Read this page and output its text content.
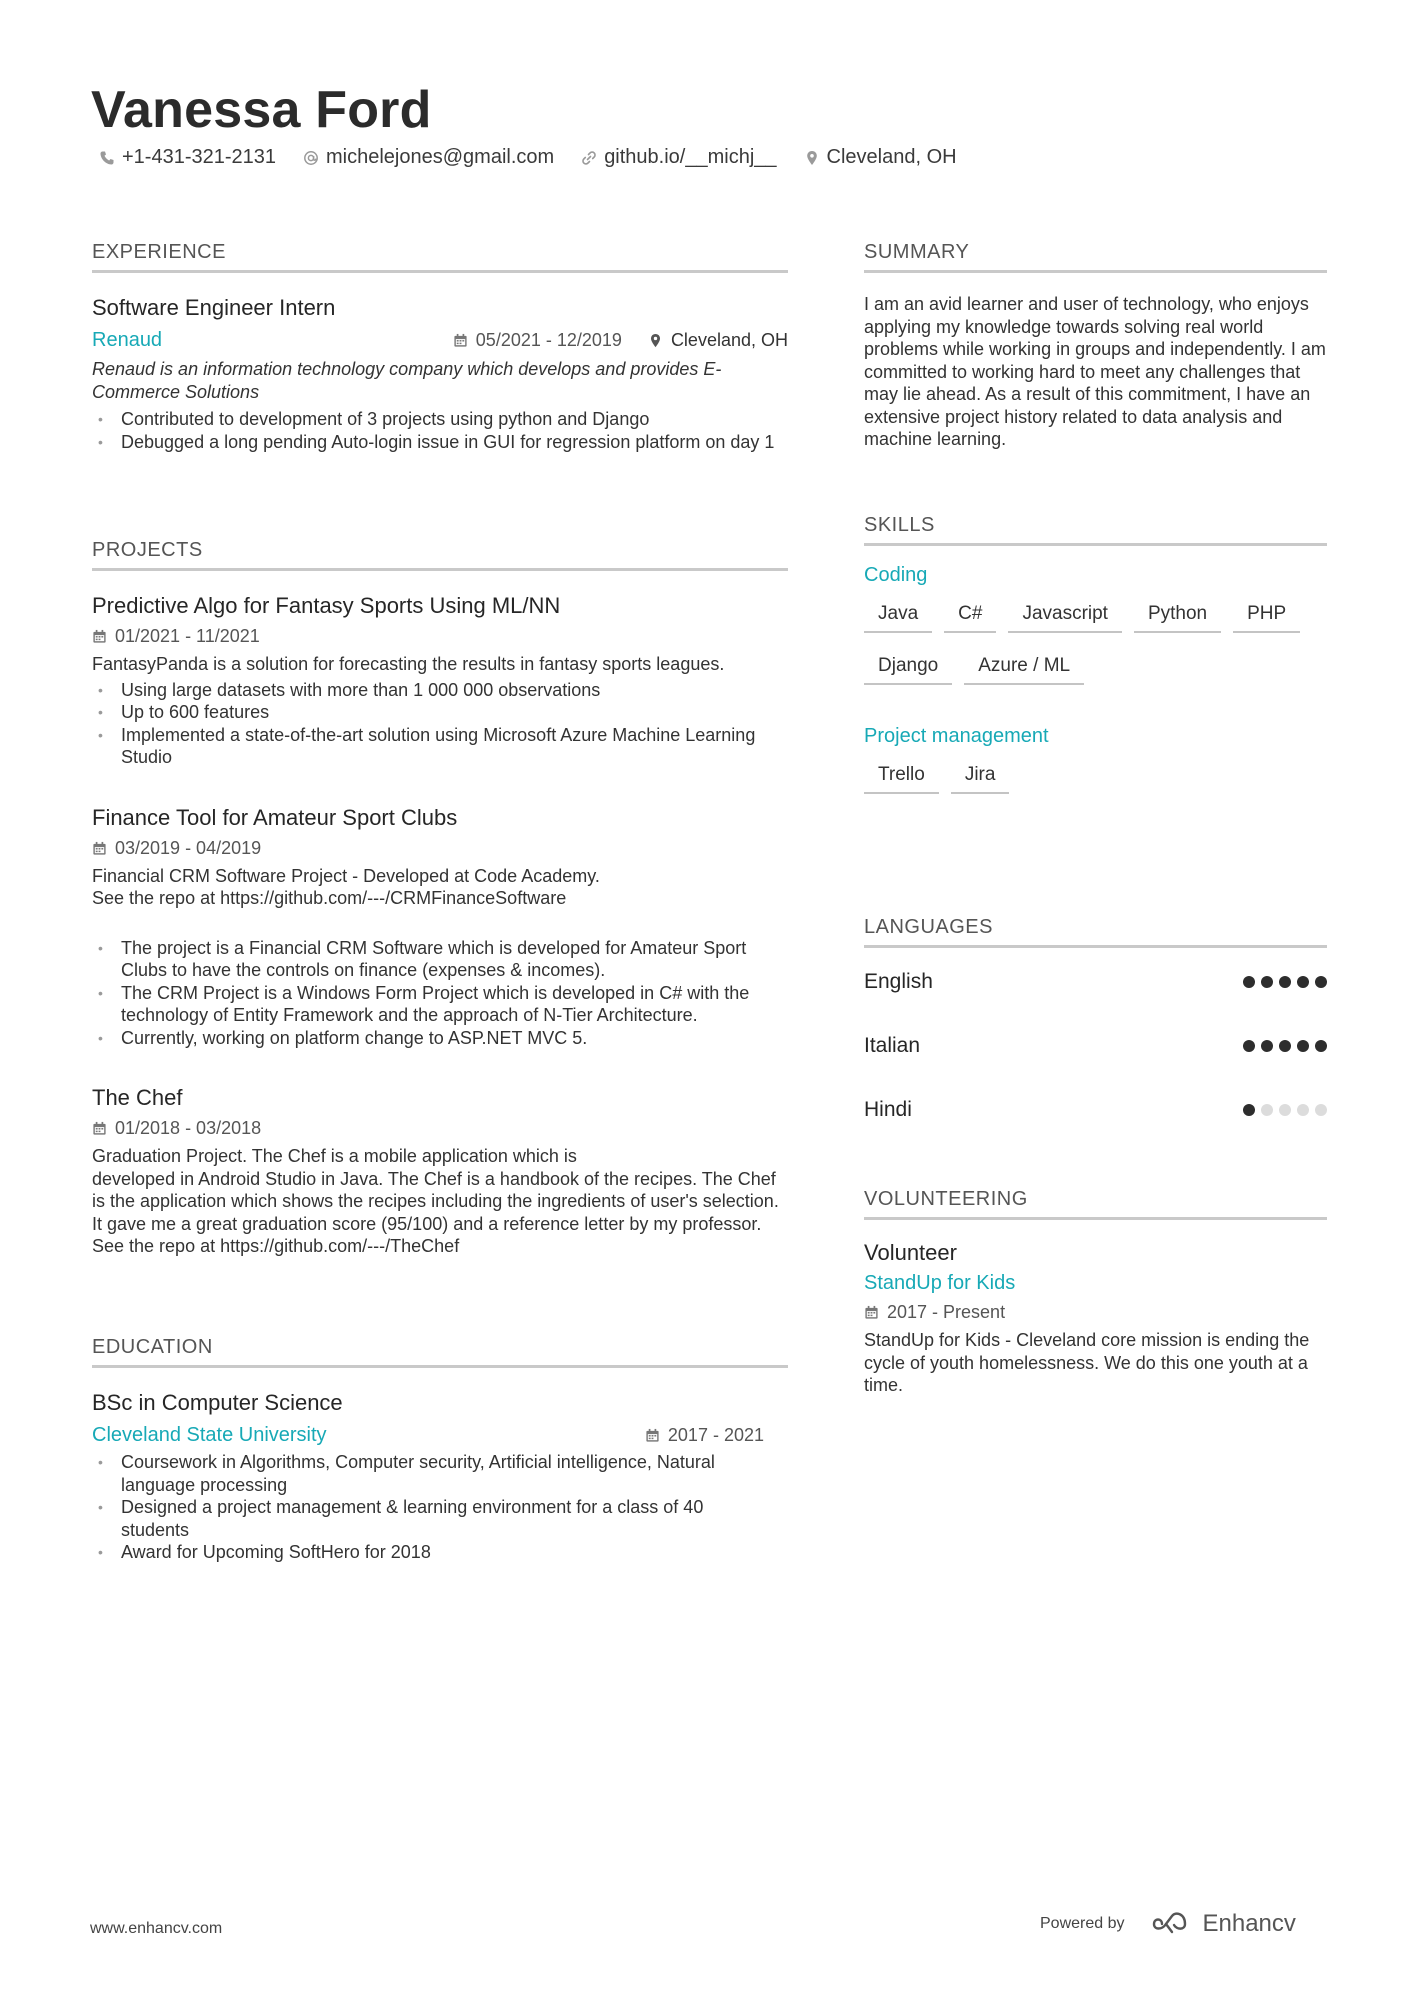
Vanessa Ford
+1-431-321-2131	michelejones@gmail.com	github.io/__michj__	Cleveland, OH
EXPERIENCE
Software Engineer Intern
Renaud	05/2021 - 12/2019	Cleveland, OH
Renaud is an information technology company which develops and provides E-Commerce Solutions
• Contributed to development of 3 projects using python and Django
• Debugged a long pending Auto-login issue in GUI for regression platform on day 1
PROJECTS
Predictive Algo for Fantasy Sports Using ML/NN
01/2021 - 11/2021
FantasyPanda is a solution for forecasting the results in fantasy sports leagues.
• Using large datasets with more than 1 000 000 observations
• Up to 600 features
• Implemented a state-of-the-art solution using Microsoft Azure Machine Learning Studio
Finance Tool for Amateur Sport Clubs
03/2019 - 04/2019
Financial CRM Software Project - Developed at Code Academy.
See the repo at https://github.com/---/CRMFinanceSoftware
• The project is a Financial CRM Software which is developed for Amateur Sport Clubs to have the controls on finance (expenses & incomes).
• The CRM Project is a Windows Form Project which is developed in C# with the technology of Entity Framework and the approach of N-Tier Architecture.
• Currently, working on platform change to ASP.NET MVC 5.
The Chef
01/2018 - 03/2018
Graduation Project. The Chef is a mobile application which is
developed in Android Studio in Java. The Chef is a handbook of the recipes. The Chef is the application which shows the recipes including the ingredients of user's selection. It gave me a great graduation score (95/100) and a reference letter by my professor. See the repo at https://github.com/---/TheChef
EDUCATION
BSc in Computer Science
Cleveland State University	2017 - 2021
• Coursework in Algorithms, Computer security, Artificial intelligence, Natural language processing
• Designed a project management & learning environment for a class of 40 students
• Award for Upcoming SoftHero for 2018
SUMMARY
I am an avid learner and user of technology, who enjoys applying my knowledge towards solving real world problems while working in groups and independently. I am committed to working hard to meet any challenges that may lie ahead. As a result of this commitment, I have an extensive project history related to data analysis and machine learning.
SKILLS
Coding
Java	C#	Javascript	Python	PHP
Django	Azure / ML
Project management
Trello	Jira
LANGUAGES
English
Italian
Hindi
VOLUNTEERING
Volunteer
StandUp for Kids
2017 - Present
StandUp for Kids - Cleveland core mission is ending the cycle of youth homelessness. We do this one youth at a time.
www.enhancv.com	Powered by	Enhancv
